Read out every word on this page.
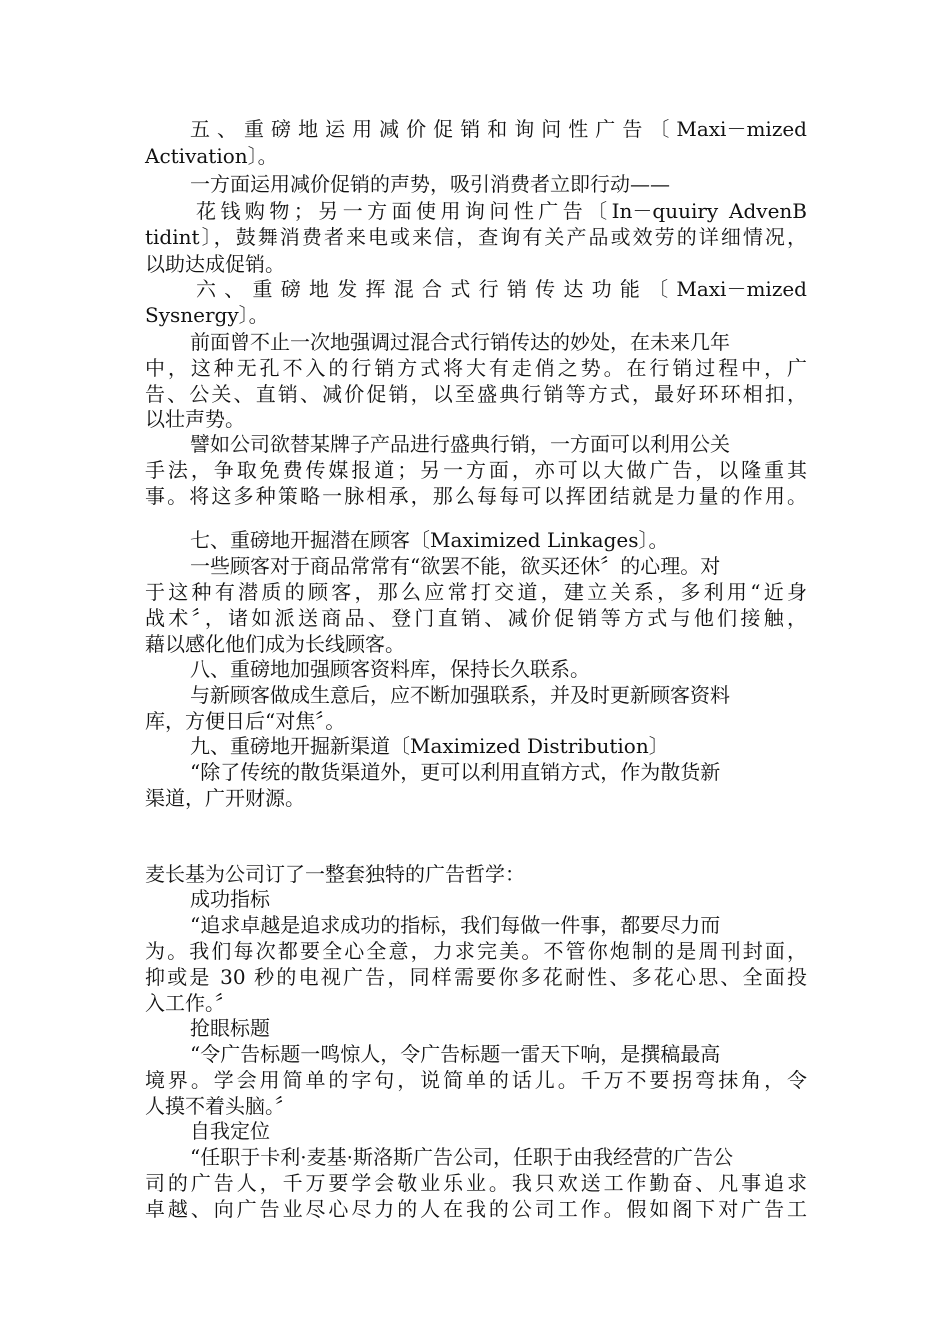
五、重磅地运用减价促销和询问性广告〔Maxi－mized
Activation〕。
一方面运用减价促销的声势，吸引消费者立即行动——
花钱购物；另一方面使用询问性广告〔In－quuiry AdvenB
tidint〕，鼓舞消费者来电或来信，查询有关产品或效劳的详细情况，
以助达成促销。
六、重磅地发挥混合式行销传达功能〔Maxi－mized
Sysnergy〕。
前面曾不止一次地强调过混合式行销传达的妙处，在未来几年
中，这种无孔不入的行销方式将大有走俏之势。在行销过程中，广
告、公关、直销、减价促销，以至盛典行销等方式，最好环环相扣，
以壮声势。
譬如公司欲替某牌子产品进行盛典行销，一方面可以利用公关
手法，争取免费传媒报道；另一方面，亦可以大做广告，以隆重其
事。将这多种策略一脉相承，那么每每可以挥团结就是力量的作用。
七、重磅地开掘潜在顾客〔Maximized Linkages〕。
一些顾客对于商品常常有“欲罢不能，欲买还休〞的心理。对
于这种有潜质的顾客，那么应常打交道，建立关系，多利用“近身
战术〞，诸如派送商品、登门直销、减价促销等方式与他们接触，
藉以感化他们成为长线顾客。
八、重磅地加强顾客资料库，保持长久联系。
与新顾客做成生意后，应不断加强联系，并及时更新顾客资料
库，方便日后“对焦〞。
九、重磅地开掘新渠道〔Maximized Distribution〕
“除了传统的散货渠道外，更可以利用直销方式，作为散货新
渠道，广开财源。
麦长基为公司订了一整套独特的广告哲学：
成功指标
“追求卓越是追求成功的指标，我们每做一件事，都要尽力而
为。我们每次都要全心全意，力求完美。不管你炮制的是周刊封面，
抑或是 30 秒的电视广告，同样需要你多花耐性、多花心思、全面投
入工作。〞
抢眼标题
“令广告标题一鸣惊人，令广告标题一雷天下响，是撰稿最高
境界。学会用简单的字句，说简单的话儿。千万不要拐弯抹角，令
人摸不着头脑。〞
自我定位
“任职于卡利·麦基·斯洛斯广告公司，任职于由我经营的广告公
司的广告人，千万要学会敬业乐业。我只欢送工作勤奋、凡事追求
卓越、向广告业尽心尽力的人在我的公司工作。假如阁下对广告工
